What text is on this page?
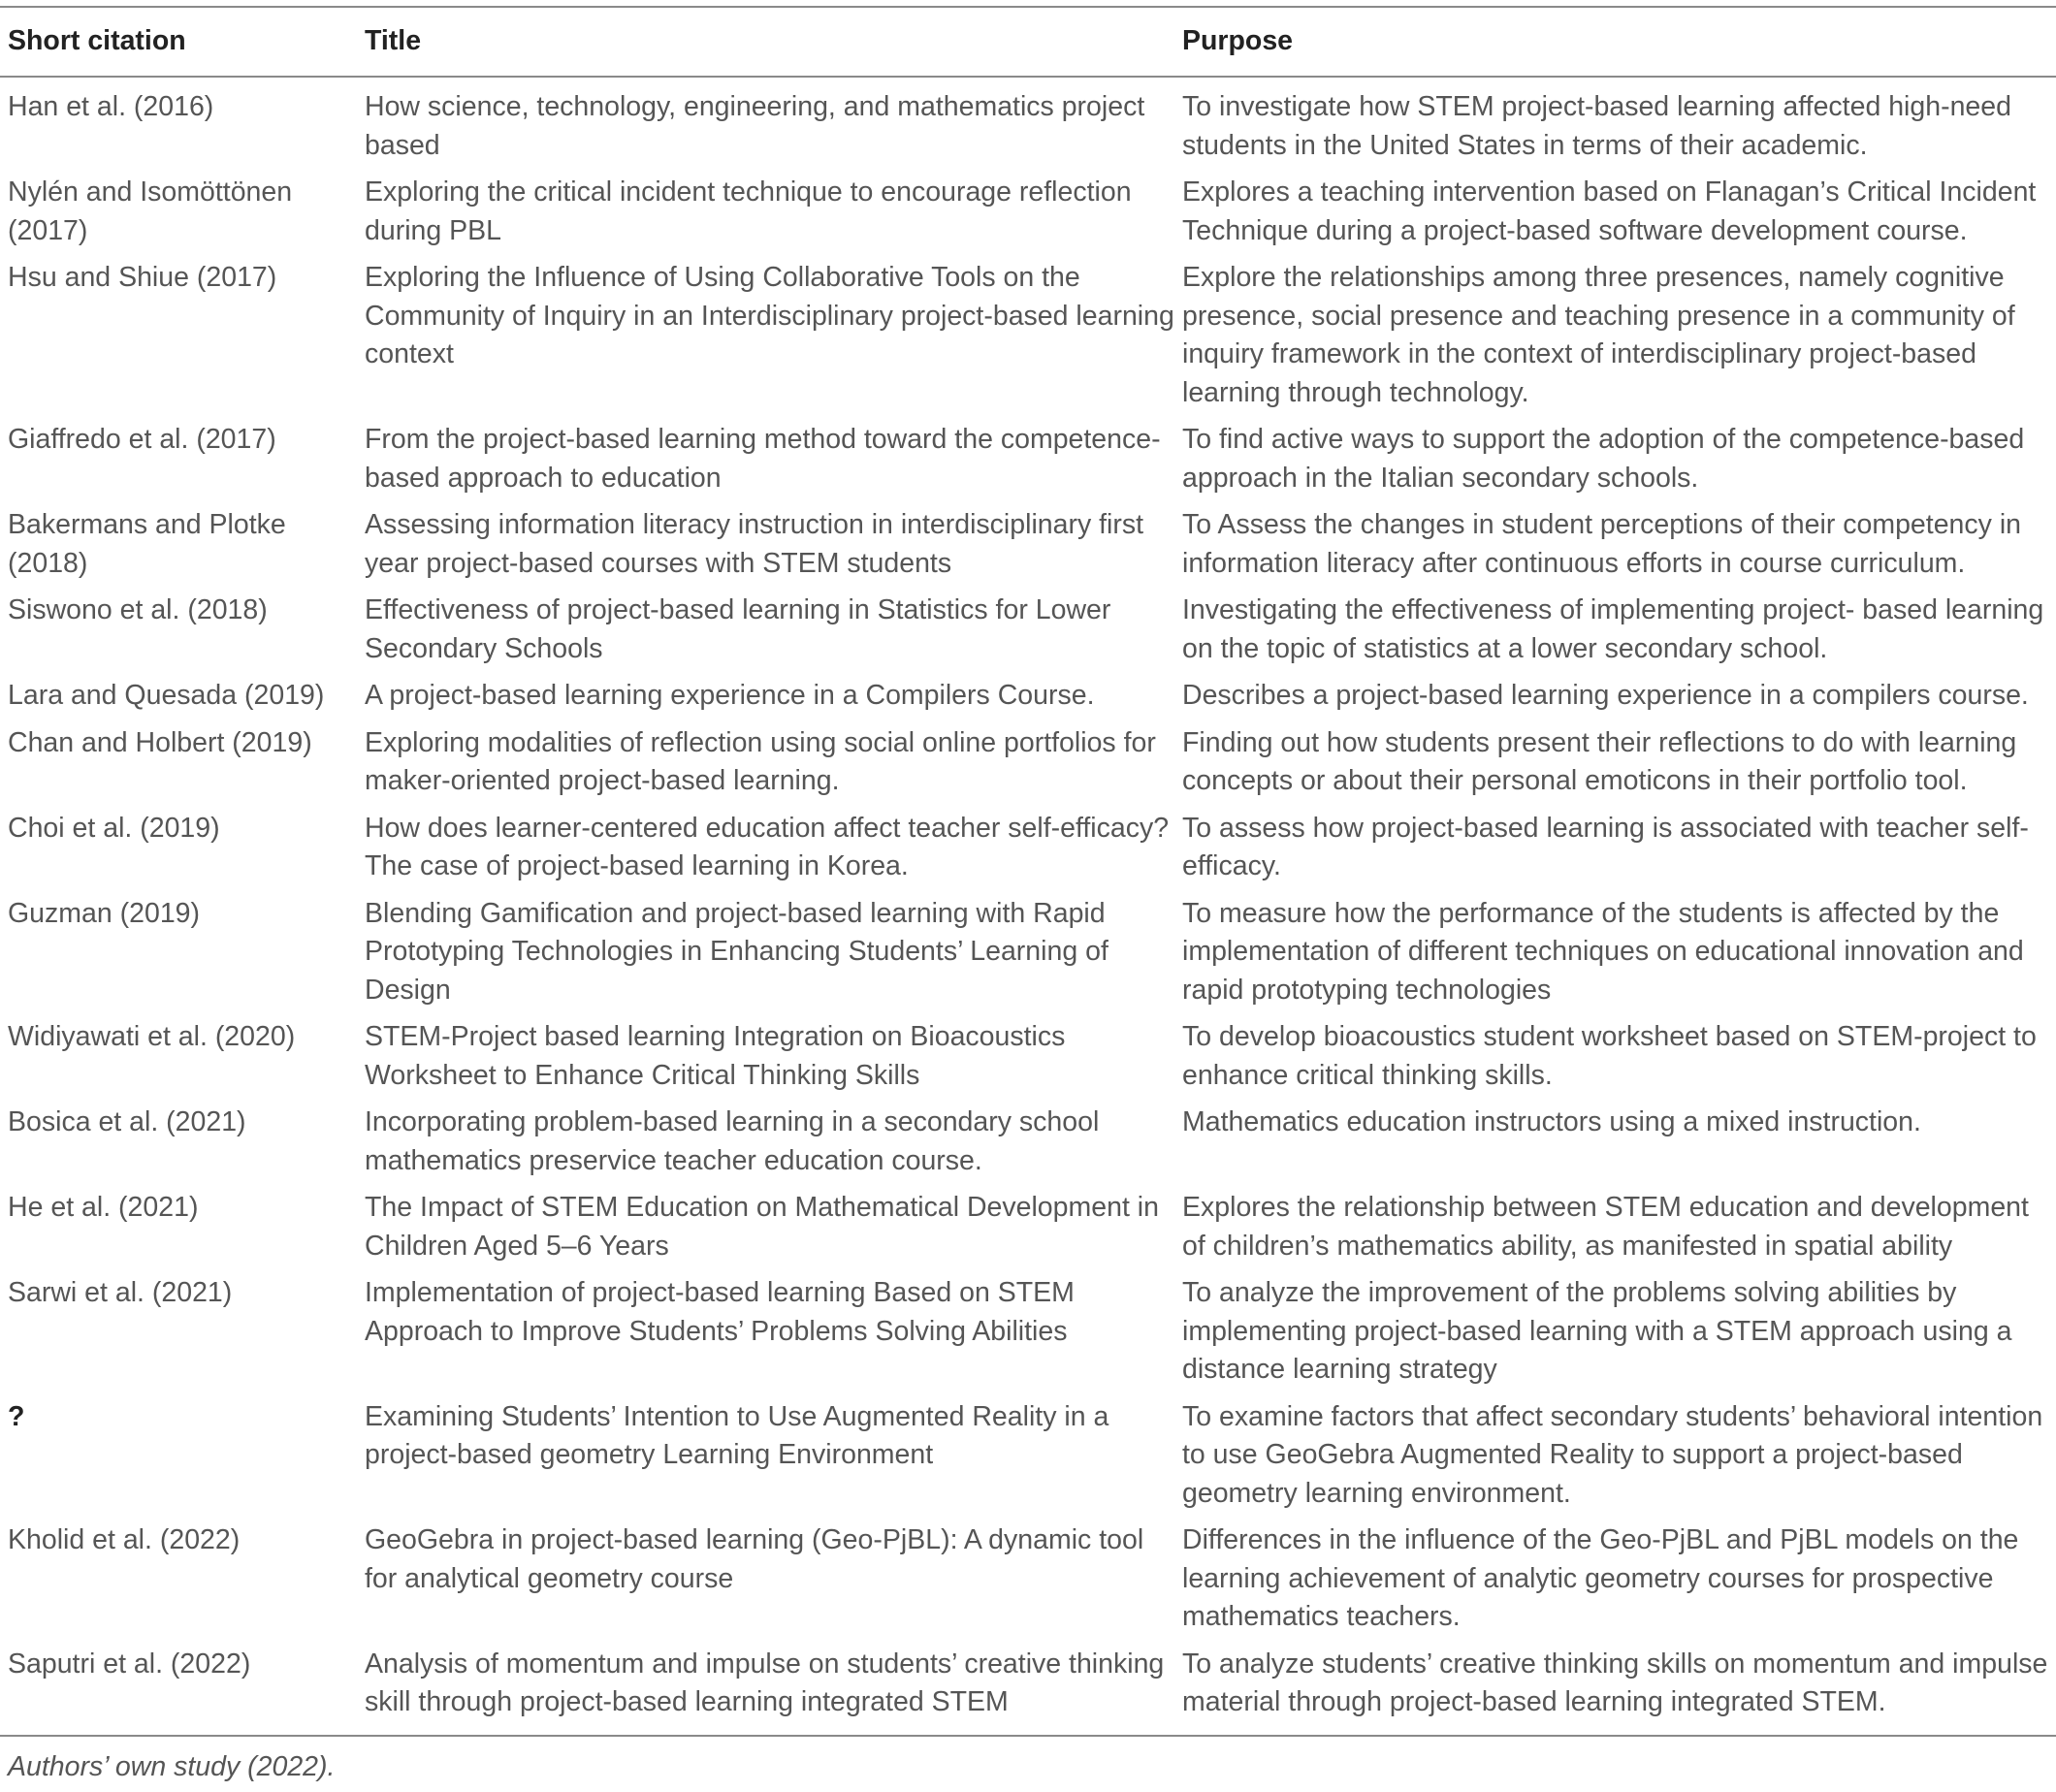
Short citation	Title	Purpose
Han et al. (2016)	How science, technology, engineering, and mathematics project based	To investigate how STEM project-based learning affected high-need students in the United States in terms of their academic.
Nylén and Isomöttönen (2017)	Exploring the critical incident technique to encourage reflection during PBL	Explores a teaching intervention based on Flanagan’s Critical Incident Technique during a project-based software development course.
Hsu and Shiue (2017)	Exploring the Influence of Using Collaborative Tools on the Community of Inquiry in an Interdisciplinary project-based learning context	Explore the relationships among three presences, namely cognitive presence, social presence and teaching presence in a community of inquiry framework in the context of interdisciplinary project-based learning through technology.
Giaffredo et al. (2017)	From the project-based learning method toward the competence-based approach to education	To find active ways to support the adoption of the competence-based approach in the Italian secondary schools.
Bakermans and Plotke (2018)	Assessing information literacy instruction in interdisciplinary first year project-based courses with STEM students	To Assess the changes in student perceptions of their competency in information literacy after continuous efforts in course curriculum.
Siswono et al. (2018)	Effectiveness of project-based learning in Statistics for Lower Secondary Schools	Investigating the effectiveness of implementing project- based learning on the topic of statistics at a lower secondary school.
Lara and Quesada (2019)	A project-based learning experience in a Compilers Course.	Describes a project-based learning experience in a compilers course.
Chan and Holbert (2019)	Exploring modalities of reflection using social online portfolios for maker-oriented project-based learning.	Finding out how students present their reflections to do with learning concepts or about their personal emoticons in their portfolio tool.
Choi et al. (2019)	How does learner-centered education affect teacher self-efficacy? The case of project-based learning in Korea.	To assess how project-based learning is associated with teacher self-efficacy.
Guzman (2019)	Blending Gamification and project-based learning with Rapid Prototyping Technologies in Enhancing Students’ Learning of Design	To measure how the performance of the students is affected by the implementation of different techniques on educational innovation and rapid prototyping technologies
Widiyawati et al. (2020)	STEM-Project based learning Integration on Bioacoustics Worksheet to Enhance Critical Thinking Skills	To develop bioacoustics student worksheet based on STEM-project to enhance critical thinking skills.
Bosica et al. (2021)	Incorporating problem-based learning in a secondary school mathematics preservice teacher education course.	Mathematics education instructors using a mixed instruction.
He et al. (2021)	The Impact of STEM Education on Mathematical Development in Children Aged 5–6 Years	Explores the relationship between STEM education and development of children’s mathematics ability, as manifested in spatial ability
Sarwi et al. (2021)	Implementation of project-based learning Based on STEM Approach to Improve Students’ Problems Solving Abilities	To analyze the improvement of the problems solving abilities by implementing project-based learning with a STEM approach using a distance learning strategy
?	Examining Students’ Intention to Use Augmented Reality in a project-based geometry Learning Environment	To examine factors that affect secondary students’ behavioral intention to use GeoGebra Augmented Reality to support a project-based geometry learning environment.
Kholid et al. (2022)	GeoGebra in project-based learning (Geo-PjBL): A dynamic tool for analytical geometry course	Differences in the influence of the Geo-PjBL and PjBL models on the learning achievement of analytic geometry courses for prospective mathematics teachers.
Saputri et al. (2022)	Analysis of momentum and impulse on students’ creative thinking skill through project-based learning integrated STEM	To analyze students’ creative thinking skills on momentum and impulse material through project-based learning integrated STEM.
Authors’ own study (2022).
